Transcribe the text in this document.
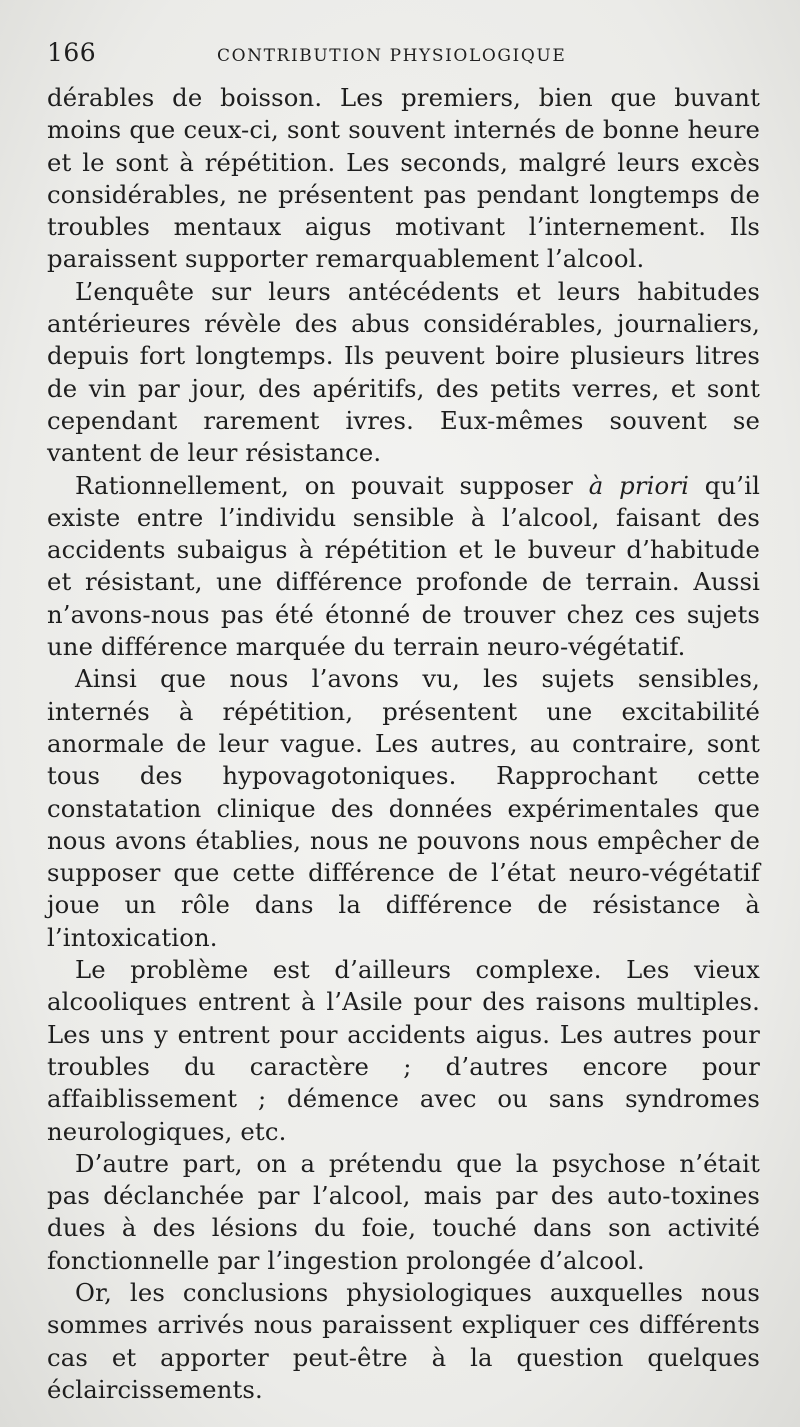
166	CONTRIBUTION PHYSIOLOGIQUE

dérables de boisson. Les premiers, bien que buvant moins que ceux-ci, sont souvent internés de bonne heure et le sont à répétition. Les seconds, malgré leurs excès considérables, ne présentent pas pendant longtemps de troubles mentaux aigus motivant l’internement. Ils paraissent supporter remarquablement l’alcool.

L’enquête sur leurs antécédents et leurs habitudes antérieures révèle des abus considérables, journaliers, depuis fort longtemps. Ils peuvent boire plusieurs litres de vin par jour, des apéritifs, des petits verres, et sont cependant rarement ivres. Eux-mêmes souvent se vantent de leur résistance.

Rationnellement, on pouvait supposer à priori qu’il existe entre l’individu sensible à l’alcool, faisant des accidents subaigus à répétition et le buveur d’habitude et résistant, une différence profonde de terrain. Aussi n’avons-nous pas été étonné de trouver chez ces sujets une différence marquée du terrain neuro-végétatif.

Ainsi que nous l’avons vu, les sujets sensibles, internés à répétition, présentent une excitabilité anormale de leur vague. Les autres, au contraire, sont tous des hypovagotoniques. Rapprochant cette constatation clinique des données expérimentales que nous avons établies, nous ne pouvons nous empêcher de supposer que cette différence de l’état neuro-végétatif joue un rôle dans la différence de résistance à l’intoxication.

Le problème est d’ailleurs complexe. Les vieux alcooliques entrent à l’Asile pour des raisons multiples. Les uns y entrent pour accidents aigus. Les autres pour troubles du caractère ; d’autres encore pour affaiblissement ; démence avec ou sans syndromes neurologiques, etc.

D’autre part, on a prétendu que la psychose n’était pas déclanchée par l’alcool, mais par des auto-toxines dues à des lésions du foie, touché dans son activité fonctionnelle par l’ingestion prolongée d’alcool.

Or, les conclusions physiologiques auxquelles nous sommes arrivés nous paraissent expliquer ces différents cas et apporter peut-être à la question quelques éclaircissements.
